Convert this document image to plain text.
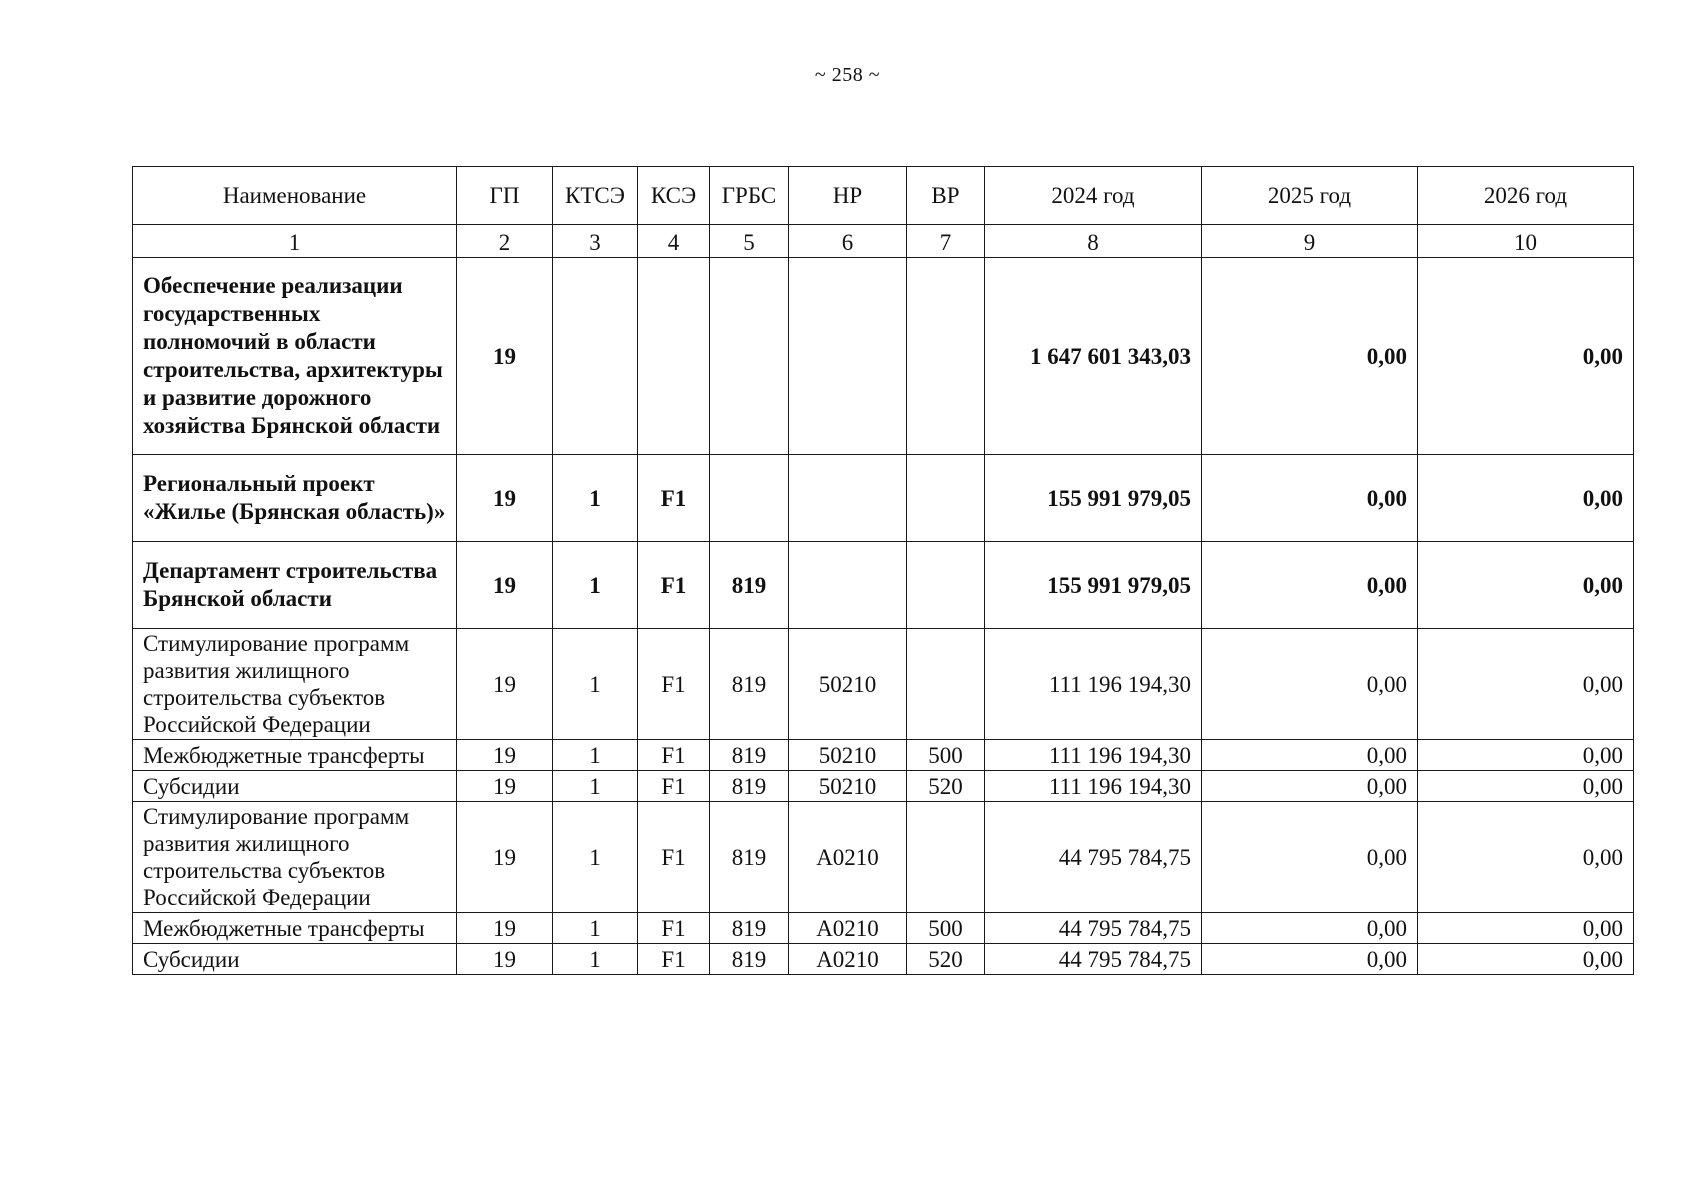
~ 258 ~
Наименование	ГП	КТСЭ	КСЭ	ГРБС	НР	ВР	2024 год	2025 год	2026 год
1	2	3	4	5	6	7	8	9	10
Обеспечение реализации государственных полномочий в области строительства, архитектуры и развитие дорожного хозяйства Брянской области	19						1 647 601 343,03	0,00	0,00
Региональный проект «Жилье (Брянская область)»	19	1	F1				155 991 979,05	0,00	0,00
Департамент строительства Брянской области	19	1	F1	819			155 991 979,05	0,00	0,00
Стимулирование программ развития жилищного строительства субъектов Российской Федерации	19	1	F1	819	50210		111 196 194,30	0,00	0,00
Межбюджетные трансферты	19	1	F1	819	50210	500	111 196 194,30	0,00	0,00
Субсидии	19	1	F1	819	50210	520	111 196 194,30	0,00	0,00
Стимулирование программ развития жилищного строительства субъектов Российской Федерации	19	1	F1	819	А0210		44 795 784,75	0,00	0,00
Межбюджетные трансферты	19	1	F1	819	А0210	500	44 795 784,75	0,00	0,00
Субсидии	19	1	F1	819	А0210	520	44 795 784,75	0,00	0,00
